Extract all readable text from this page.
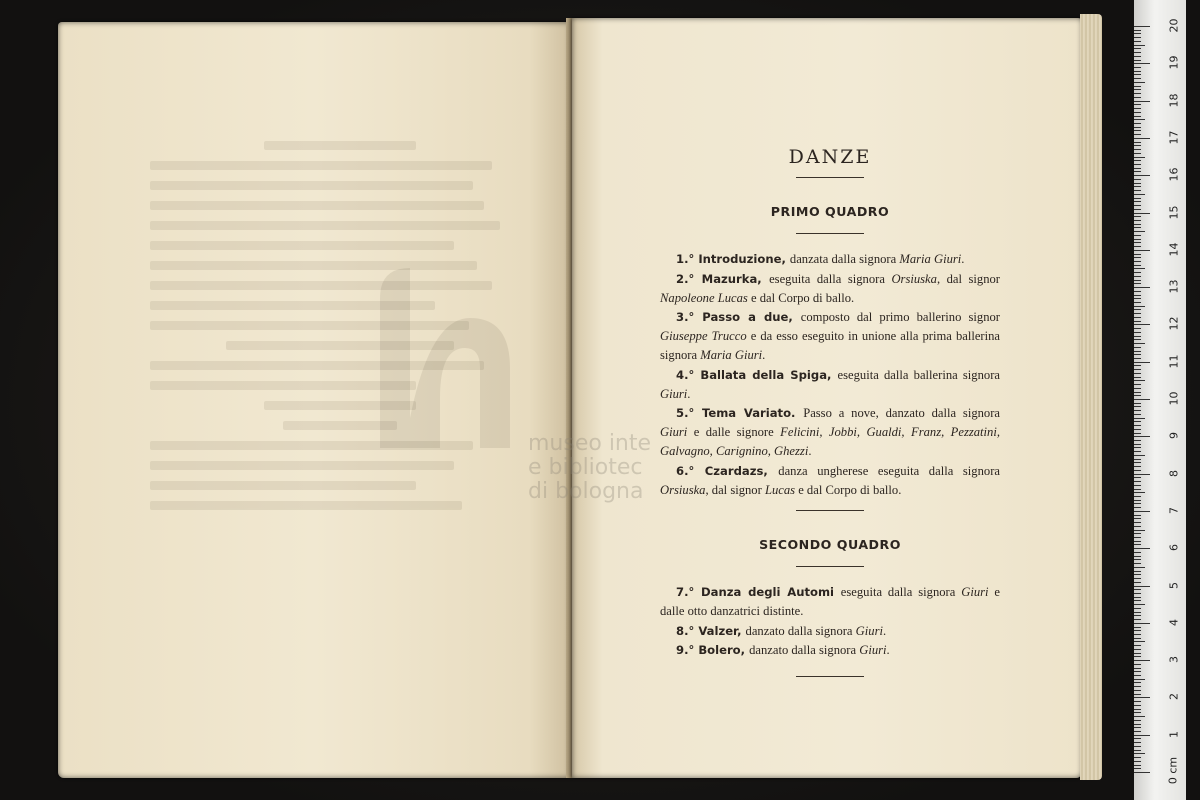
museo inte
e bibliotec
di bologna
DANZE
PRIMO QUADRO

1.° Introduzione, danzata dalla signora Maria Giuri.

2.° Mazurka, eseguita dalla signora Orsiuska, dal signor Napoleone Lucas e dal Corpo di ballo.

3.° Passo a due, composto dal primo ballerino signor Giuseppe Trucco e da esso eseguito in unione alla prima ballerina signora Maria Giuri.

4.° Ballata della Spiga, eseguita dalla ballerina signora Giuri.

5.° Tema Variato. Passo a nove, danzato dalla signora Giuri e dalle signore Felicini, Jobbi, Gualdi, Franz, Pezzatini, Galvagno, Carignino, Ghezzi.

6.° Czardazs, danza ungherese eseguita dalla signora Orsiuska, dal signor Lucas e dal Corpo di ballo.

SECONDO QUADRO

7.° Danza degli Automi eseguita dalla signora Giuri e dalle otto danzatrici distinte.

8.° Valzer, danzato dalla signora Giuri.

9.° Bolero, danzato dalla signora Giuri.

0 cm
1
2
3
4
5
6
7
8
9
10
11
12
13
14
15
16
17
18
19
20
